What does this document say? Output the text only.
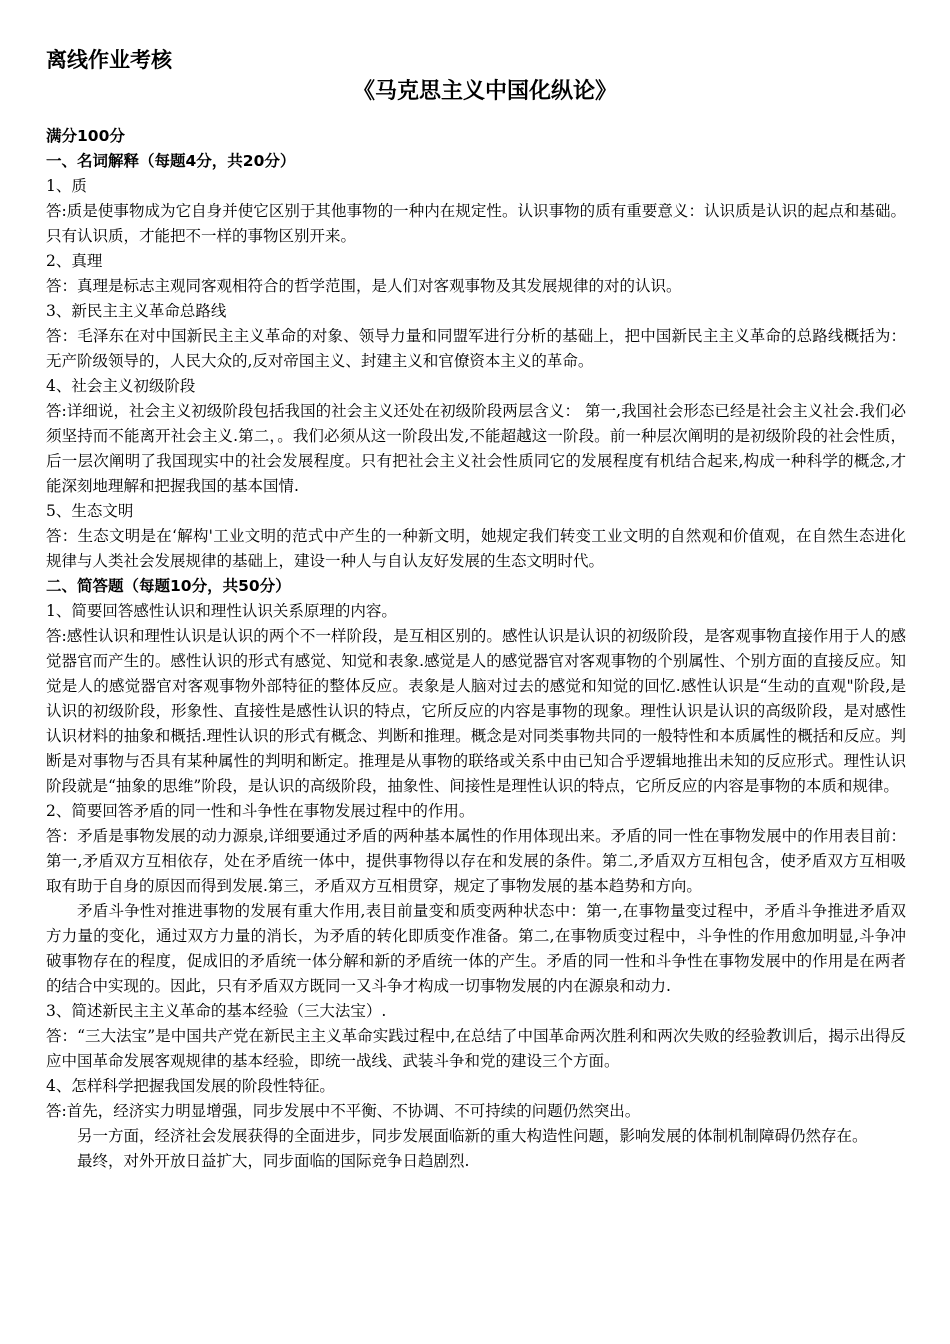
离线作业考核
《马克思主义中国化纵论》

满分100分

一、名词解释（每题4分，共20分）

1、质

答:质是使事物成为它自身并使它区别于其他事物的一种内在规定性。认识事物的质有重要意义：认识质是认识的起点和基础。只有认识质，才能把不一样的事物区别开来。

2、真理

答：真理是标志主观同客观相符合的哲学范围，是人们对客观事物及其发展规律的对的认识。

3、新民主主义革命总路线

答：毛泽东在对中国新民主主义革命的对象、领导力量和同盟军进行分析的基础上，把中国新民主主义革命的总路线概括为：无产阶级领导的，人民大众的,反对帝国主义、封建主义和官僚资本主义的革命。

4、社会主义初级阶段

答:详细说，社会主义初级阶段包括我国的社会主义还处在初级阶段两层含义： 第一,我国社会形态已经是社会主义社会.我们必须坚持而不能离开社会主义.第二，。我们必须从这一阶段出发,不能超越这一阶段。前一种层次阐明的是初级阶段的社会性质，后一层次阐明了我国现实中的社会发展程度。只有把社会主义社会性质同它的发展程度有机结合起来,构成一种科学的概念,才能深刻地理解和把握我国的基本国情.

5、生态文明

答：生态文明是在‘解构'工业文明的范式中产生的一种新文明，她规定我们转变工业文明的自然观和价值观，在自然生态进化规律与人类社会发展规律的基础上，建设一种人与自认友好发展的生态文明时代。

二、简答题（每题10分，共50分）

1、简要回答感性认识和理性认识关系原理的内容。

答:感性认识和理性认识是认识的两个不一样阶段，是互相区别的。感性认识是认识的初级阶段，是客观事物直接作用于人的感觉器官而产生的。感性认识的形式有感觉、知觉和表象.感觉是人的感觉器官对客观事物的个别属性、个别方面的直接反应。知觉是人的感觉器官对客观事物外部特征的整体反应。表象是人脑对过去的感觉和知觉的回忆.感性认识是“生动的直观"阶段,是认识的初级阶段，形象性、直接性是感性认识的特点，它所反应的内容是事物的现象。理性认识是认识的高级阶段，是对感性认识材料的抽象和概括.理性认识的形式有概念、判断和推理。概念是对同类事物共同的一般特性和本质属性的概括和反应。判断是对事物与否具有某种属性的判明和断定。推理是从事物的联络或关系中由已知合乎逻辑地推出未知的反应形式。理性认识阶段就是“抽象的思维”阶段，是认识的高级阶段，抽象性、间接性是理性认识的特点，它所反应的内容是事物的本质和规律。

2、简要回答矛盾的同一性和斗争性在事物发展过程中的作用。

答：矛盾是事物发展的动力源泉,详细要通过矛盾的两种基本属性的作用体现出来。矛盾的同一性在事物发展中的作用表目前：第一,矛盾双方互相依存，处在矛盾统一体中，提供事物得以存在和发展的条件。第二,矛盾双方互相包含，使矛盾双方互相吸取有助于自身的原因而得到发展.第三，矛盾双方互相贯穿，规定了事物发展的基本趋势和方向。

矛盾斗争性对推进事物的发展有重大作用,表目前量变和质变两种状态中：第一,在事物量变过程中，矛盾斗争推进矛盾双方力量的变化，通过双方力量的消长，为矛盾的转化即质变作准备。第二,在事物质变过程中，斗争性的作用愈加明显,斗争冲破事物存在的程度，促成旧的矛盾统一体分解和新的矛盾统一体的产生。矛盾的同一性和斗争性在事物发展中的作用是在两者的结合中实现的。因此，只有矛盾双方既同一又斗争才构成一切事物发展的内在源泉和动力.

3、简述新民主主义革命的基本经验（三大法宝）.

答：“三大法宝”是中国共产党在新民主主义革命实践过程中,在总结了中国革命两次胜利和两次失败的经验教训后，揭示出得反应中国革命发展客观规律的基本经验，即统一战线、武装斗争和党的建设三个方面。

4、怎样科学把握我国发展的阶段性特征。

答:首先，经济实力明显增强，同步发展中不平衡、不协调、不可持续的问题仍然突出。

另一方面，经济社会发展获得的全面进步，同步发展面临新的重大构造性问题，影响发展的体制机制障碍仍然存在。

最终，对外开放日益扩大，同步面临的国际竞争日趋剧烈.
